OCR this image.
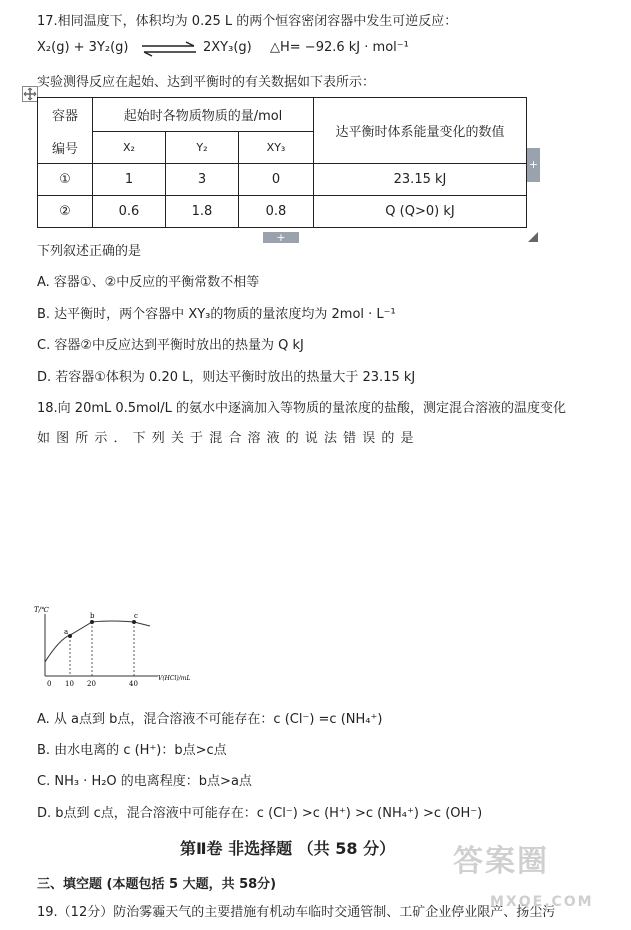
17.相同温度下，体积均为 0.25 L 的两个恒容密闭容器中发生可逆反应：
X₂(g) + 3Y₂(g)	2XY₃(g) △H= −92.6 kJ · mol⁻¹
实验测得反应在起始、达到平衡时的有关数据如下表所示：
容器
编号	起始时各物质物质的量/mol			达平衡时体系能量变化的数值
	X₂	Y₂	XY₃	
①	1	3	0	23.15 kJ
②	0.6	1.8	0.8	Q (Q>0) kJ
+
+
下列叙述正确的是
A. 容器①、②中反应的平衡常数不相等
B. 达平衡时，两个容器中 XY₃的物质的量浓度均为 2mol · L⁻¹
C. 容器②中反应达到平衡时放出的热量为 Q kJ
D. 若容器①体积为 0.20 L，则达平衡时放出的热量大于 23.15 kJ
18.向 20mL 0.5mol/L 的氨水中逐滴加入等物质的量浓度的盐酸，测定混合溶液的温度变化
如 图 所 示 ． 下 列 关 于 混 合 溶 液 的 说 法 错 误 的 是
a
b	c
T/℃
V(HCl)/mL
0 10 20	40
A. 从 a点到 b点，混合溶液不可能存在：c (Cl⁻) =c (NH₄⁺)
B. 由水电离的 c (H⁺)：b点>c点
C. NH₃ · H₂O 的电离程度：b点>a点
D. b点到 c点，混合溶液中可能存在：c (Cl⁻) >c (H⁺) >c (NH₄⁺) >c (OH⁻)
第Ⅱ卷 非选择题 （共 58 分）
三、填空题 (本题包括 5 大题，共 58分)
19.（12分）防治雾霾天气的主要措施有机动车临时交通管制、工矿企业停业限产、扬尘污
答案圈
MXQE.COM
